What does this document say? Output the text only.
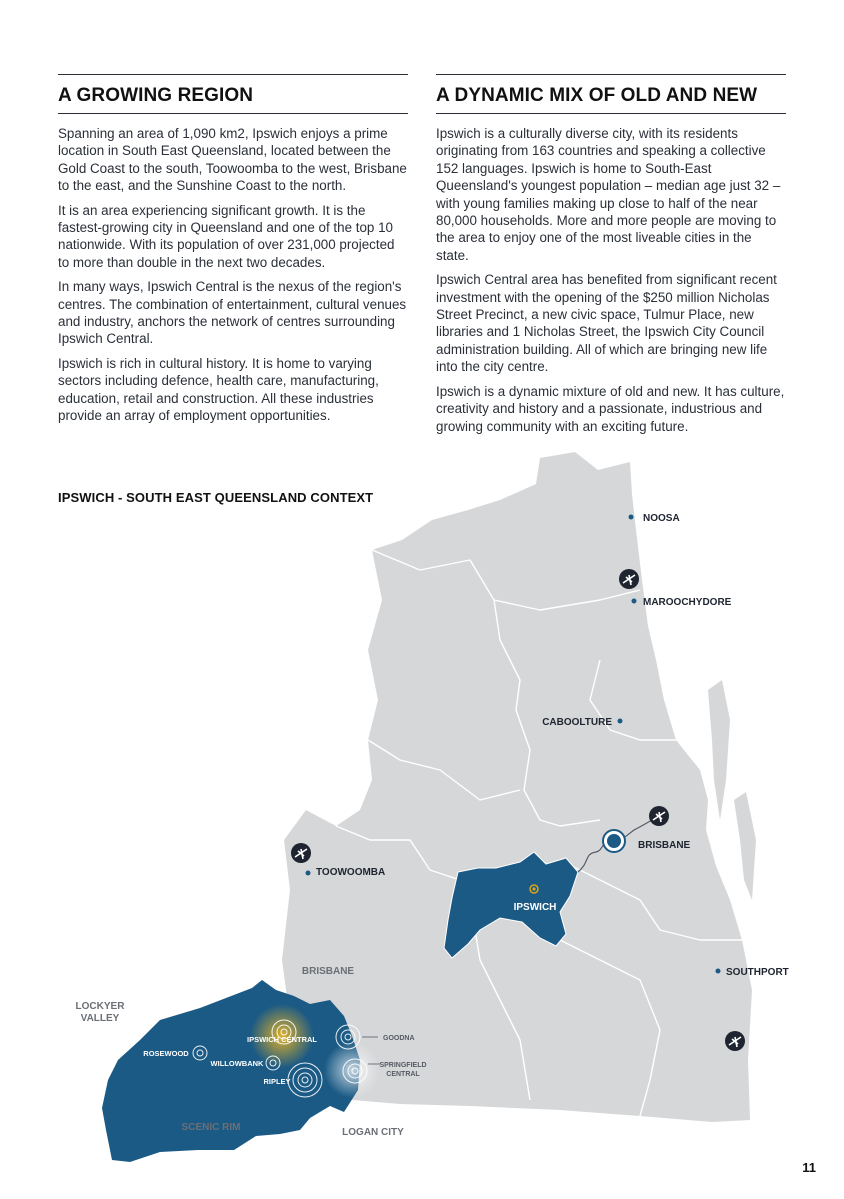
A GROWING REGION

Spanning an area of 1,090 km2, Ipswich enjoys a prime location in South East Queensland, located between the Gold Coast to the south, Toowoomba to the west, Brisbane to the east, and the Sunshine Coast to the north.

It is an area experiencing significant growth. It is the fastest-growing city in Queensland and one of the top 10 nationwide. With its population of over 231,000 projected to more than double in the next two decades.

In many ways, Ipswich Central is the nexus of the region's centres. The combination of entertainment, cultural venues and industry, anchors the network of centres surrounding Ipswich Central.

Ipswich is rich in cultural history. It is home to varying sectors including defence, health care, manufacturing, education, retail and construction. All these industries provide an array of employment opportunities.

A DYNAMIC MIX OF OLD AND NEW

Ipswich is a culturally diverse city, with its residents originating from 163 countries and speaking a collective 152 languages. Ipswich is home to South-East Queensland's youngest population – median age just 32 – with young families making up close to half of the near 80,000 households. More and more people are moving to the area to enjoy one of the most liveable cities in the state.

Ipswich Central area has benefited from significant recent investment with the opening of the $250 million Nicholas Street Precinct, a new civic space, Tulmur Place, new libraries and 1 Nicholas Street, the Ipswich City Council administration building. All of which are bringing new life into the city centre.

Ipswich is a dynamic mixture of old and new. It has culture, creativity and history and a passionate, industrious and growing community with an exciting future.

NOOSA
MAROOCHYDORE
CABOOLTURE
BRISBANE
TOOWOOMBA
IPSWICH
SOUTHPORT
BRISBANE
LOCKYER
VALLEY
SCENIC RIM	LOGAN CITY
ROSEWOOD
WILLOWBANK
IPSWICH CENTRAL
RIPLEY
GOODNA
SPRINGFIELD
CENTRAL
IPSWICH - SOUTH EAST QUEENSLAND CONTEXT
11
